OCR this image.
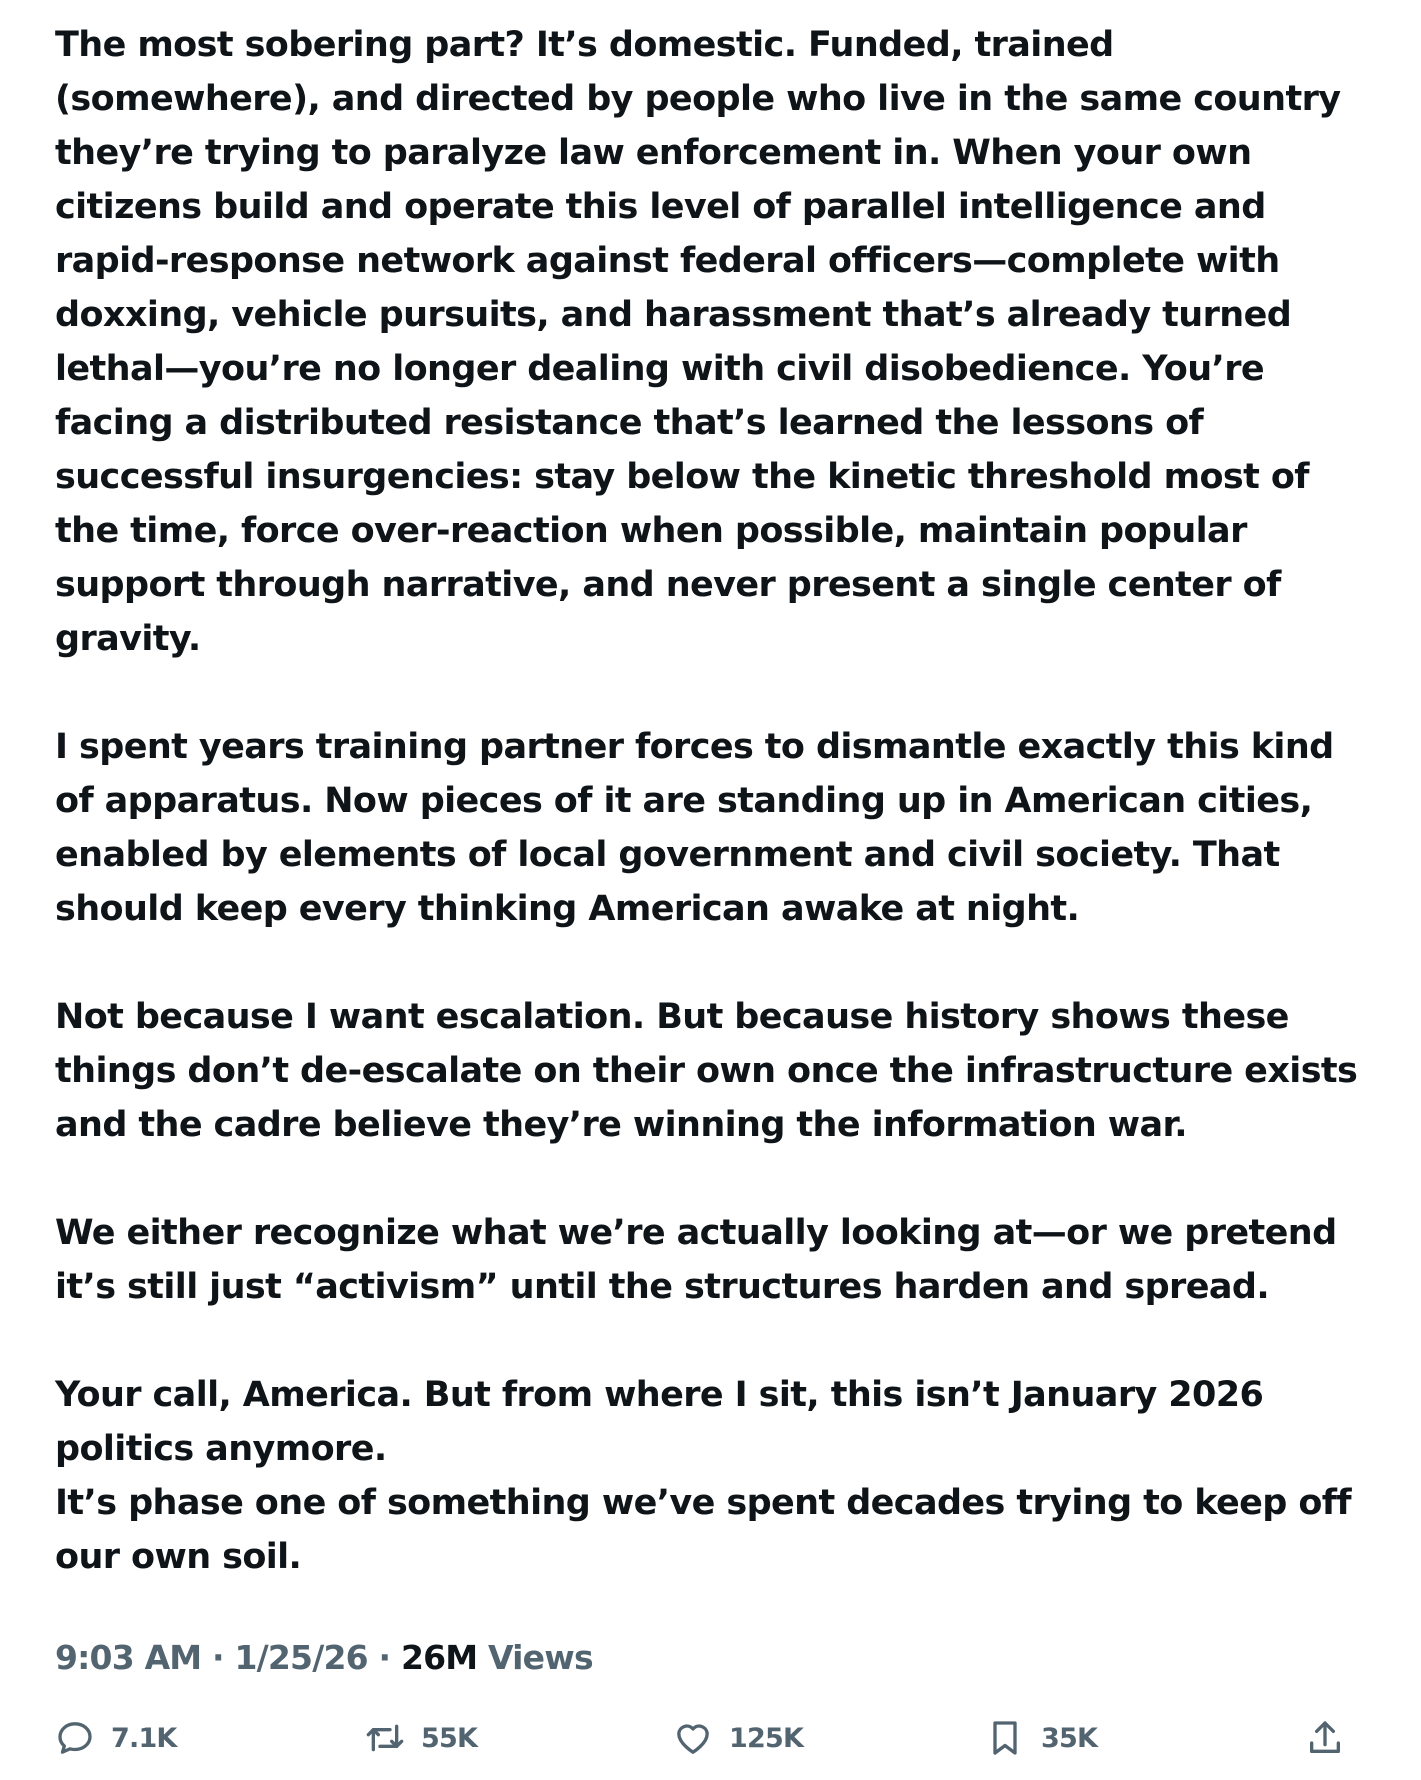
The most sobering part? It’s domestic. Funded, trained (somewhere), and directed by people who live in the same country they’re trying to paralyze law enforcement in. When your own citizens build and operate this level of parallel intelligence and rapid-response network against federal officers—complete with doxxing, vehicle pursuits, and harassment that’s already turned lethal—you’re no longer dealing with civil disobedience. You’re facing a distributed resistance that’s learned the lessons of successful insurgencies: stay below the kinetic threshold most of the time, force over-reaction when possible, maintain popular support through narrative, and never present a single center of gravity.

I spent years training partner forces to dismantle exactly this kind of apparatus. Now pieces of it are standing up in American cities, enabled by elements of local government and civil society. That should keep every thinking American awake at night.

Not because I want escalation. But because history shows these things don’t de-escalate on their own once the infrastructure exists and the cadre believe they’re winning the information war.

We either recognize what we’re actually looking at—or we pretend it’s still just “activism” until the structures harden and spread.

Your call, America. But from where I sit, this isn’t January 2026 politics anymore.
It’s phase one of something we’ve spent decades trying to keep off our own soil.

9:03 AM · 1/25/26 · 26M Views
7.1K	55K	125K	35K
